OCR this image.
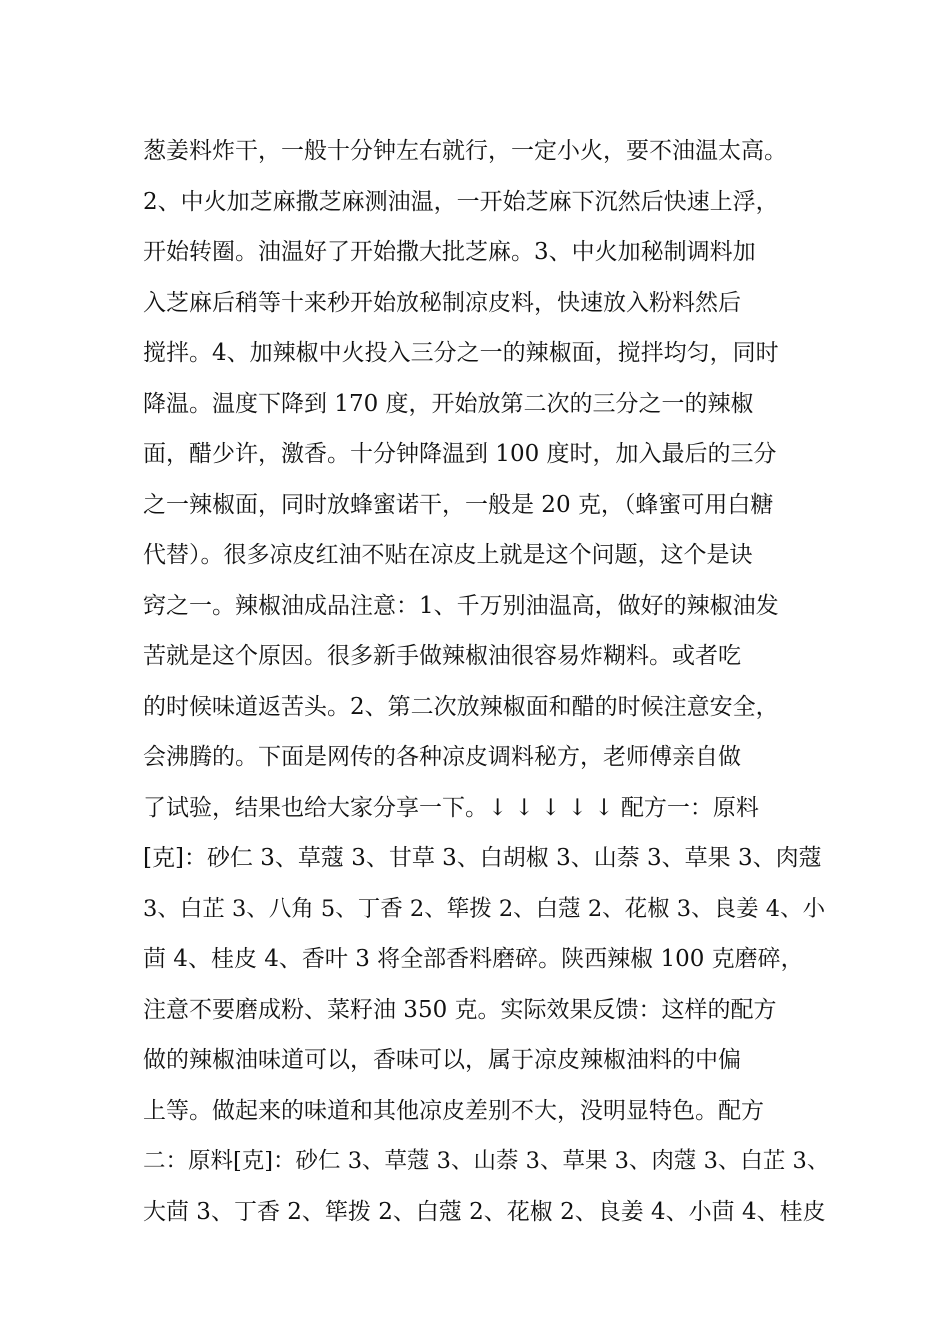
葱姜料炸干，一般十分钟左右就行，一定小火，要不油温太高。
2、中火加芝麻撒芝麻测油温，一开始芝麻下沉然后快速上浮，
开始转圈。油温好了开始撒大批芝麻。3、中火加秘制调料加
入芝麻后稍等十来秒开始放秘制凉皮料，快速放入粉料然后
搅拌。4、加辣椒中火投入三分之一的辣椒面，搅拌均匀，同时
降温。温度下降到 170 度，开始放第二次的三分之一的辣椒
面，醋少许，激香。十分钟降温到 100 度时，加入最后的三分
之一辣椒面，同时放蜂蜜诺干，一般是 20 克，（蜂蜜可用白糖
代替）。很多凉皮红油不贴在凉皮上就是这个问题，这个是诀
窍之一。辣椒油成品注意：1、千万别油温高，做好的辣椒油发
苦就是这个原因。很多新手做辣椒油很容易炸糊料。或者吃
的时候味道返苦头。2、第二次放辣椒面和醋的时候注意安全，
会沸腾的。下面是网传的各种凉皮调料秘方，老师傅亲自做
了试验，结果也给大家分享一下。↓ ↓ ↓ ↓ ↓ 配方一：原料
[克]：砂仁 3、草蔻 3、甘草 3、白胡椒 3、山萘 3、草果 3、肉蔻
3、白芷 3、八角 5、丁香 2、筚拨 2、白蔻 2、花椒 3、良姜 4、小
茴 4、桂皮 4、香叶 3 将全部香料磨碎。陕西辣椒 100 克磨碎，
注意不要磨成粉、菜籽油 350 克。实际效果反馈：这样的配方
做的辣椒油味道可以，香味可以，属于凉皮辣椒油料的中偏
上等。做起来的味道和其他凉皮差别不大，没明显特色。配方
二：原料[克]：砂仁 3、草蔻 3、山萘 3、草果 3、肉蔻 3、白芷 3、
大茴 3、丁香 2、筚拨 2、白蔻 2、花椒 2、良姜 4、小茴 4、桂皮
